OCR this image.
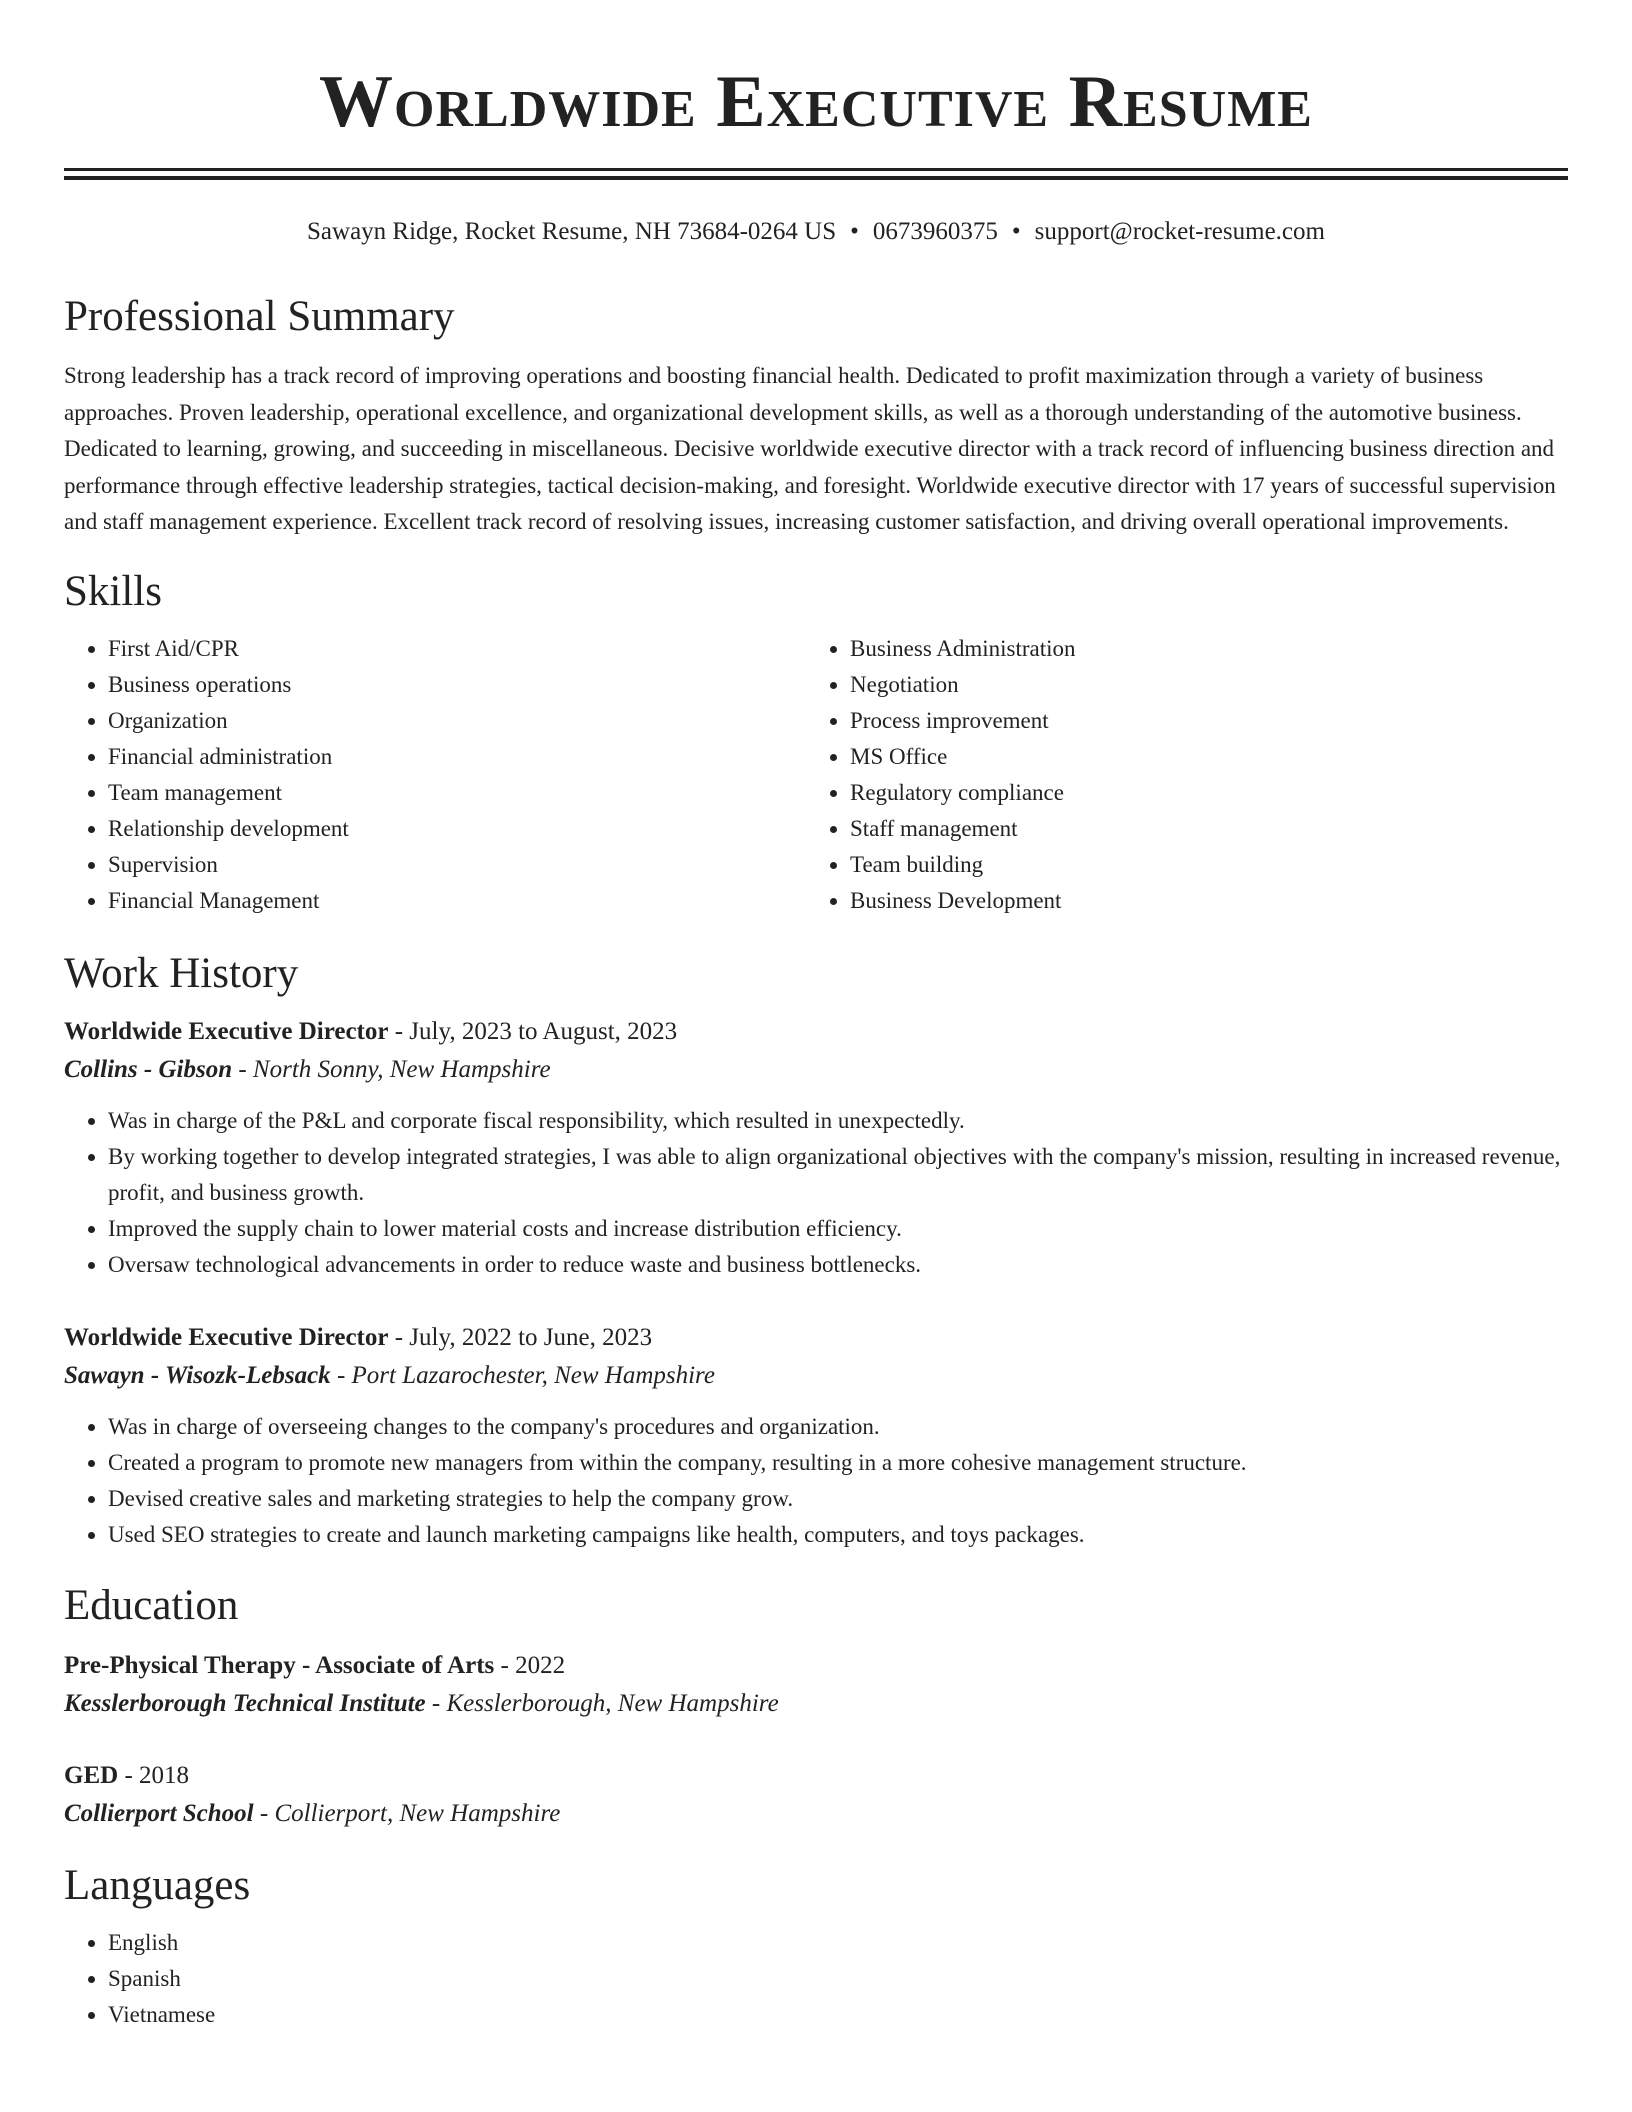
Worldwide Executive Resume
Sawayn Ridge, Rocket Resume, NH 73684-0264 US • 0673960375 • support@rocket-resume.com
Professional Summary

Strong leadership has a track record of improving operations and boosting financial health. Dedicated to profit maximization through a variety of business approaches. Proven leadership, operational excellence, and organizational development skills, as well as a thorough understanding of the automotive business. Dedicated to learning, growing, and succeeding in miscellaneous. Decisive worldwide executive director with a track record of influencing business direction and performance through effective leadership strategies, tactical decision-making, and foresight. Worldwide executive director with 17 years of successful supervision and staff management experience. Excellent track record of resolving issues, increasing customer satisfaction, and driving overall operational improvements.

Skills
• First Aid/CPR
• Business operations
• Organization
• Financial administration
• Team management
• Relationship development
• Supervision
• Financial Management
• Business Administration
• Negotiation
• Process improvement
• MS Office
• Regulatory compliance
• Staff management
• Team building
• Business Development
Work History
Worldwide Executive Director - July, 2023 to August, 2023
Collins - Gibson - North Sonny, New Hampshire
• Was in charge of the P&L and corporate fiscal responsibility, which resulted in unexpectedly.
• By working together to develop integrated strategies, I was able to align organizational objectives with the company's mission, resulting in increased revenue, profit, and business growth.
• Improved the supply chain to lower material costs and increase distribution efficiency.
• Oversaw technological advancements in order to reduce waste and business bottlenecks.
Worldwide Executive Director - July, 2022 to June, 2023
Sawayn - Wisozk-Lebsack - Port Lazarochester, New Hampshire
• Was in charge of overseeing changes to the company's procedures and organization.
• Created a program to promote new managers from within the company, resulting in a more cohesive management structure.
• Devised creative sales and marketing strategies to help the company grow.
• Used SEO strategies to create and launch marketing campaigns like health, computers, and toys packages.
Education
Pre-Physical Therapy - Associate of Arts - 2022
Kesslerborough Technical Institute - Kesslerborough, New Hampshire
GED - 2018
Collierport School - Collierport, New Hampshire
Languages
• English
• Spanish
• Vietnamese
